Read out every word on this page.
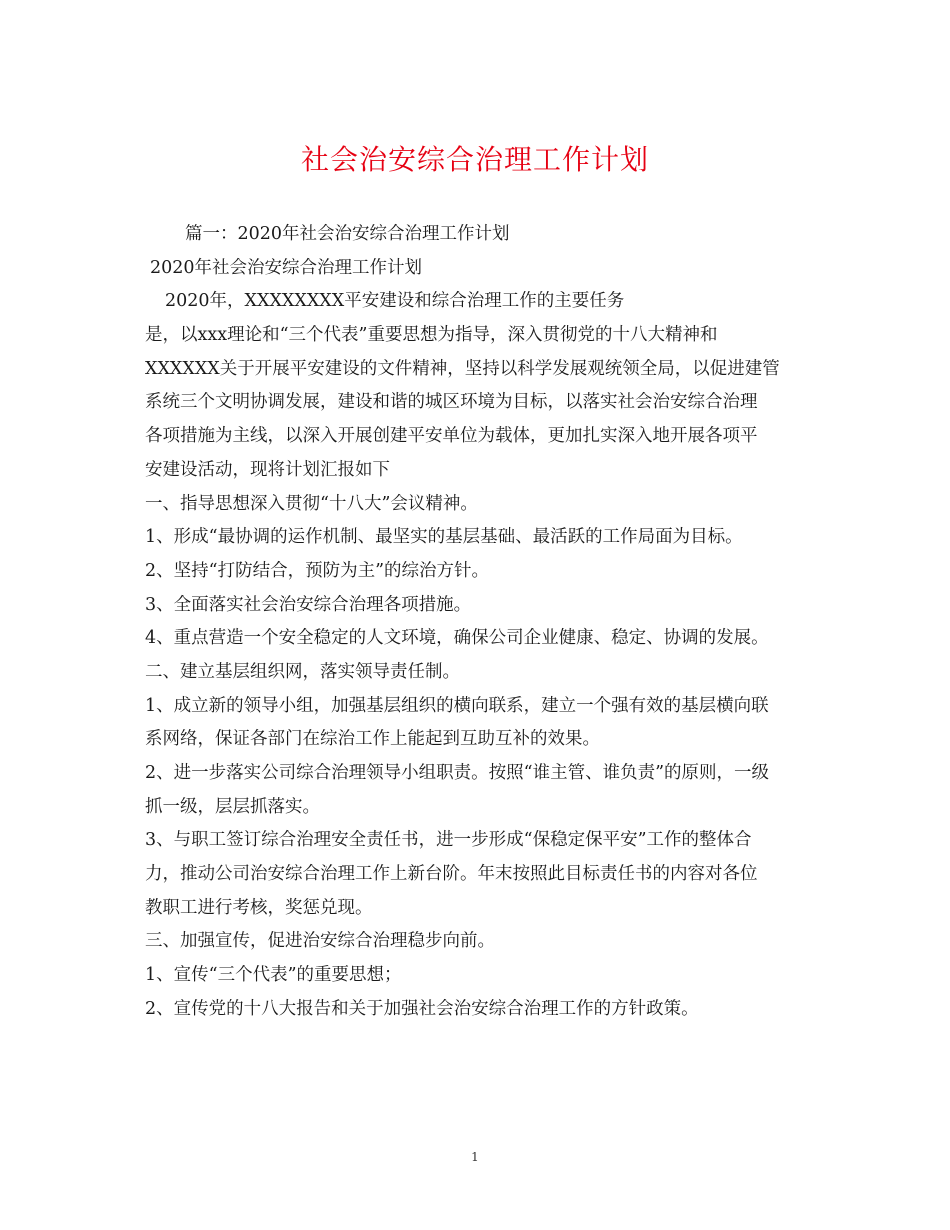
社会治安综合治理工作计划
篇一：2020年社会治安综合治理工作计划
2020年社会治安综合治理工作计划
2020年，XXXXXXXX平安建设和综合治理工作的主要任务
是，以xxx理论和“三个代表”重要思想为指导，深入贯彻党的十八大精神和
XXXXXX关于开展平安建设的文件精神，坚持以科学发展观统领全局，以促进建管
系统三个文明协调发展，建设和谐的城区环境为目标，以落实社会治安综合治理
各项措施为主线，以深入开展创建平安单位为载体，更加扎实深入地开展各项平
安建设活动，现将计划汇报如下
一、指导思想深入贯彻“十八大”会议精神。
1、形成“最协调的运作机制、最坚实的基层基础、最活跃的工作局面为目标。
2、坚持“打防结合，预防为主”的综治方针。
3、全面落实社会治安综合治理各项措施。
4、重点营造一个安全稳定的人文环境，确保公司企业健康、稳定、协调的发展。
二、建立基层组织网，落实领导责任制。
1、成立新的领导小组，加强基层组织的横向联系，建立一个强有效的基层横向联
系网络，保证各部门在综治工作上能起到互助互补的效果。
2、进一步落实公司综合治理领导小组职责。按照“谁主管、谁负责”的原则，一级
抓一级，层层抓落实。
3、与职工签订综合治理安全责任书，进一步形成“保稳定保平安”工作的整体合
力，推动公司治安综合治理工作上新台阶。年末按照此目标责任书的内容对各位
教职工进行考核，奖惩兑现。
三、加强宣传，促进治安综合治理稳步向前。
1、宣传“三个代表”的重要思想；
2、宣传党的十八大报告和关于加强社会治安综合治理工作的方针政策。
1
